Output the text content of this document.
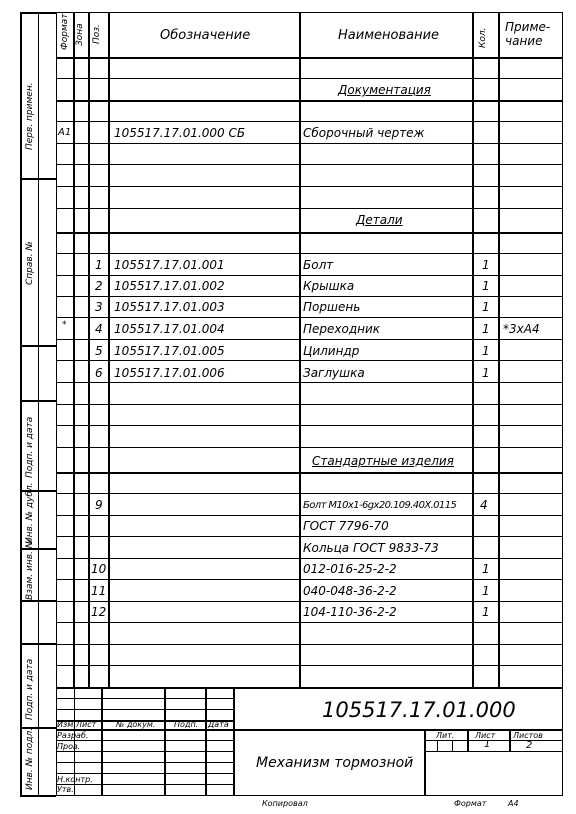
Перв. примен.
Справ. №
Подп. и дата
Инв. № дубл.
Взам. инв. №
Подп. и дата
Инв. № подл.
Формат Зона Поз.	Обозначение	Наименование	Кол.
Приме-
чание
Документация
Детали
Стандартные изделия
А1	105517.17.01.000 СБ	Сборочный чертеж
1 105517.17.01.001	Болт	1
2 105517.17.01.002	Крышка	1
3 105517.17.01.003	Поршень	1
* 4 105517.17.01.004	Переходник	1 *3хА4
5 105517.17.01.005	Цилиндр	1
6 105517.17.01.006	Заглушка	1
9	Болт М10х1-6gх20.109.40Х.0115 4
ГОСТ 7796-70
Кольца ГОСТ 9833-73
10	012-016-25-2-2	1
11	040-048-36-2-2	1
12	104-110-36-2-2	1
105517.17.01.000
Механизм тормозной
Изм. Лист № докум. Подп. Дата
Разраб.
Пров.
Н.контр.
Утв.
Лит.	Лист Листов
1	2
Копировал	Формат	А4
